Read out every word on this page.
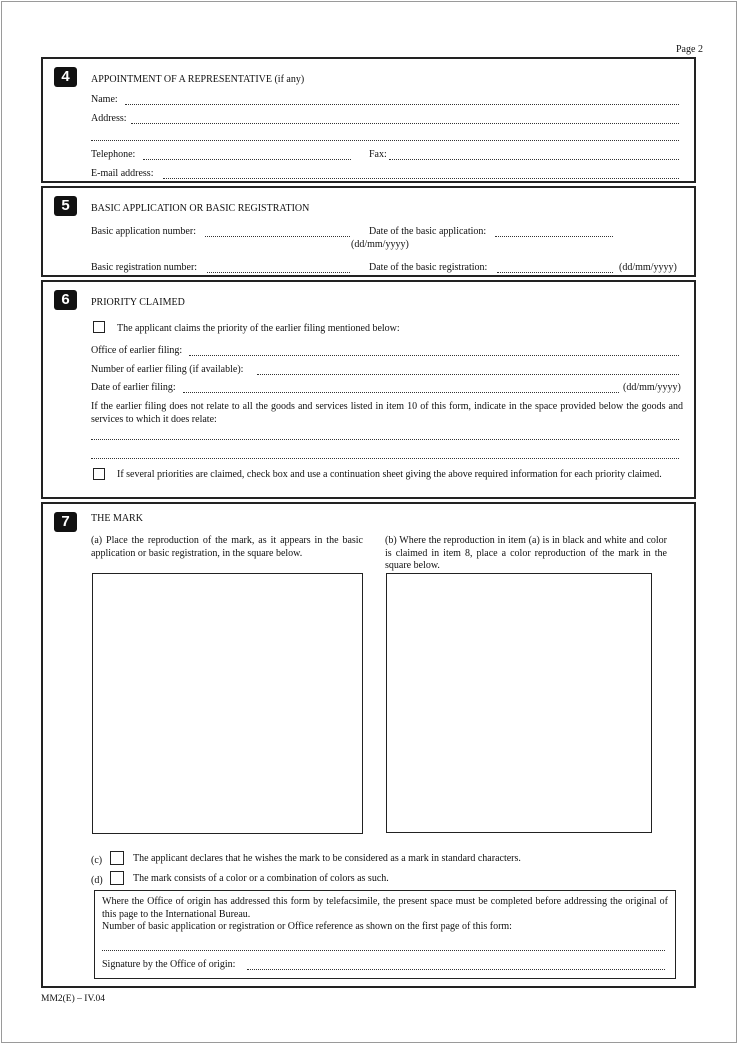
Page 2
4	APPOINTMENT OF A REPRESENTATIVE (if any)
Name:
Address:
Telephone:	Fax:
E-mail address:
5	BASIC APPLICATION OR BASIC REGISTRATION
Basic application number:	Date of the basic application:
(dd/mm/yyyy)
Basic registration number:	Date of the basic registration:	(dd/mm/yyyy)
6	PRIORITY CLAIMED
The applicant claims the priority of the earlier filing mentioned below:
Office of earlier filing:
Number of earlier filing (if available):
Date of earlier filing:	(dd/mm/yyyy)
If the earlier filing does not relate to all the goods and services listed in item 10 of this form, indicate in the space provided below the goods and services to which it does relate:
If several priorities are claimed, check box and use a continuation sheet giving the above required information for each priority claimed.
7	THE MARK
(a) Place the reproduction of the mark, as it appears in the basic application or basic registration, in the square below.
(b) Where the reproduction in item (a) is in black and white and color is claimed in item 8, place a color reproduction of the mark in the square below.
(c)	The applicant declares that he wishes the mark to be considered as a mark in standard characters.
(d)	The mark consists of a color or a combination of colors as such.
Where the Office of origin has addressed this form by telefacsimile, the present space must be completed before addressing the original of this page to the International Bureau.
Number of basic application or registration or Office reference as shown on the first page of this form:
Signature by the Office of origin:
MM2(E) – IV.04
